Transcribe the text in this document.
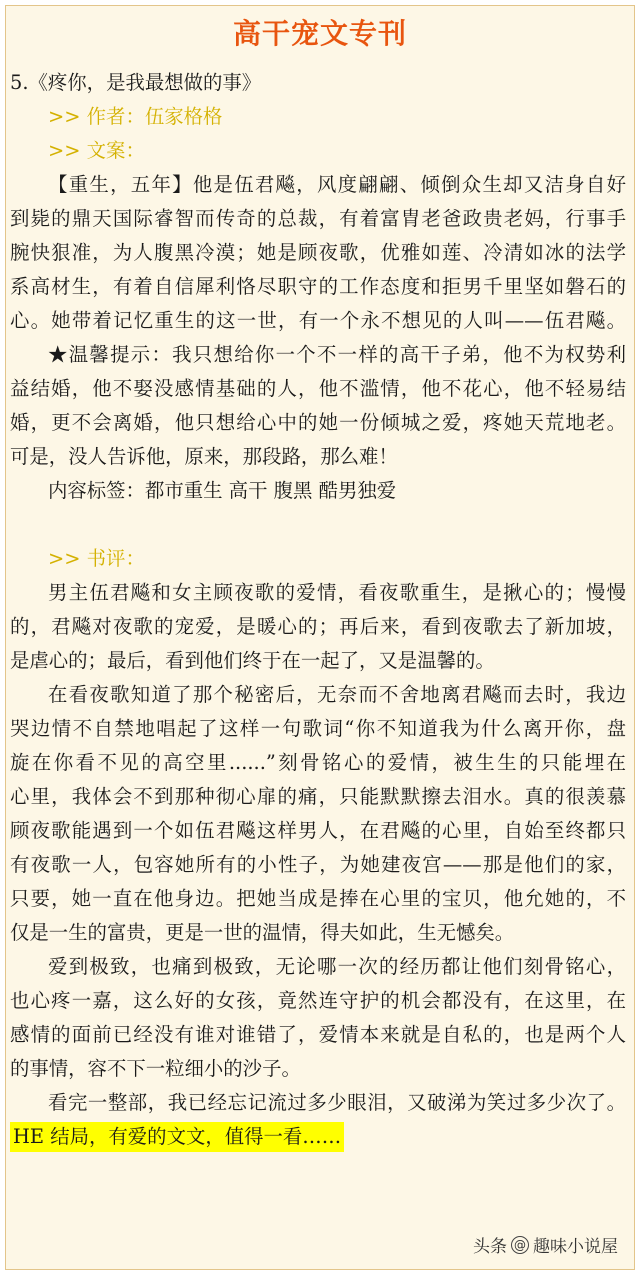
高干宠文专刊
5.《疼你，是我最想做的事》
>> 作者：伍家格格
>> 文案：
【重生，五年】他是伍君飚，风度翩翩、倾倒众生却又洁身自好
到毙的鼎天国际睿智而传奇的总裁，有着富胄老爸政贵老妈，行事手
腕快狠准，为人腹黑冷漠；她是顾夜歌，优雅如莲、冷清如冰的法学
系高材生，有着自信犀利恪尽职守的工作态度和拒男千里坚如磐石的
心。她带着记忆重生的这一世，有一个永不想见的人叫——伍君飚。
★温馨提示：我只想给你一个不一样的高干子弟，他不为权势利
益结婚，他不娶没感情基础的人，他不滥情，他不花心，他不轻易结
婚，更不会离婚，他只想给心中的她一份倾城之爱，疼她天荒地老。
可是，没人告诉他，原来，那段路，那么难！
内容标签：都市重生 高干 腹黑 酷男独爱
>> 书评：
男主伍君飚和女主顾夜歌的爱情，看夜歌重生，是揪心的；慢慢
的，君飚对夜歌的宠爱，是暖心的；再后来，看到夜歌去了新加坡，
是虐心的；最后，看到他们终于在一起了，又是温馨的。
在看夜歌知道了那个秘密后，无奈而不舍地离君飚而去时，我边
哭边情不自禁地唱起了这样一句歌词“你不知道我为什么离开你，盘
旋在你看不见的高空里......”刻骨铭心的爱情，被生生的只能埋在
心里，我体会不到那种彻心扉的痛，只能默默擦去泪水。真的很羡慕
顾夜歌能遇到一个如伍君飚这样男人，在君飚的心里，自始至终都只
有夜歌一人，包容她所有的小性子，为她建夜宫——那是他们的家，
只要，她一直在他身边。把她当成是捧在心里的宝贝，他允她的，不
仅是一生的富贵，更是一世的温情，得夫如此，生无憾矣。
爱到极致，也痛到极致，无论哪一次的经历都让他们刻骨铭心，
也心疼一嘉，这么好的女孩，竟然连守护的机会都没有，在这里，在
感情的面前已经没有谁对谁错了，爱情本来就是自私的，也是两个人
的事情，容不下一粒细小的沙子。
看完一整部，我已经忘记流过多少眼泪，又破涕为笑过多少次了。
HE 结局，有爱的文文，值得一看……
头条 @ 趣味小说屋
